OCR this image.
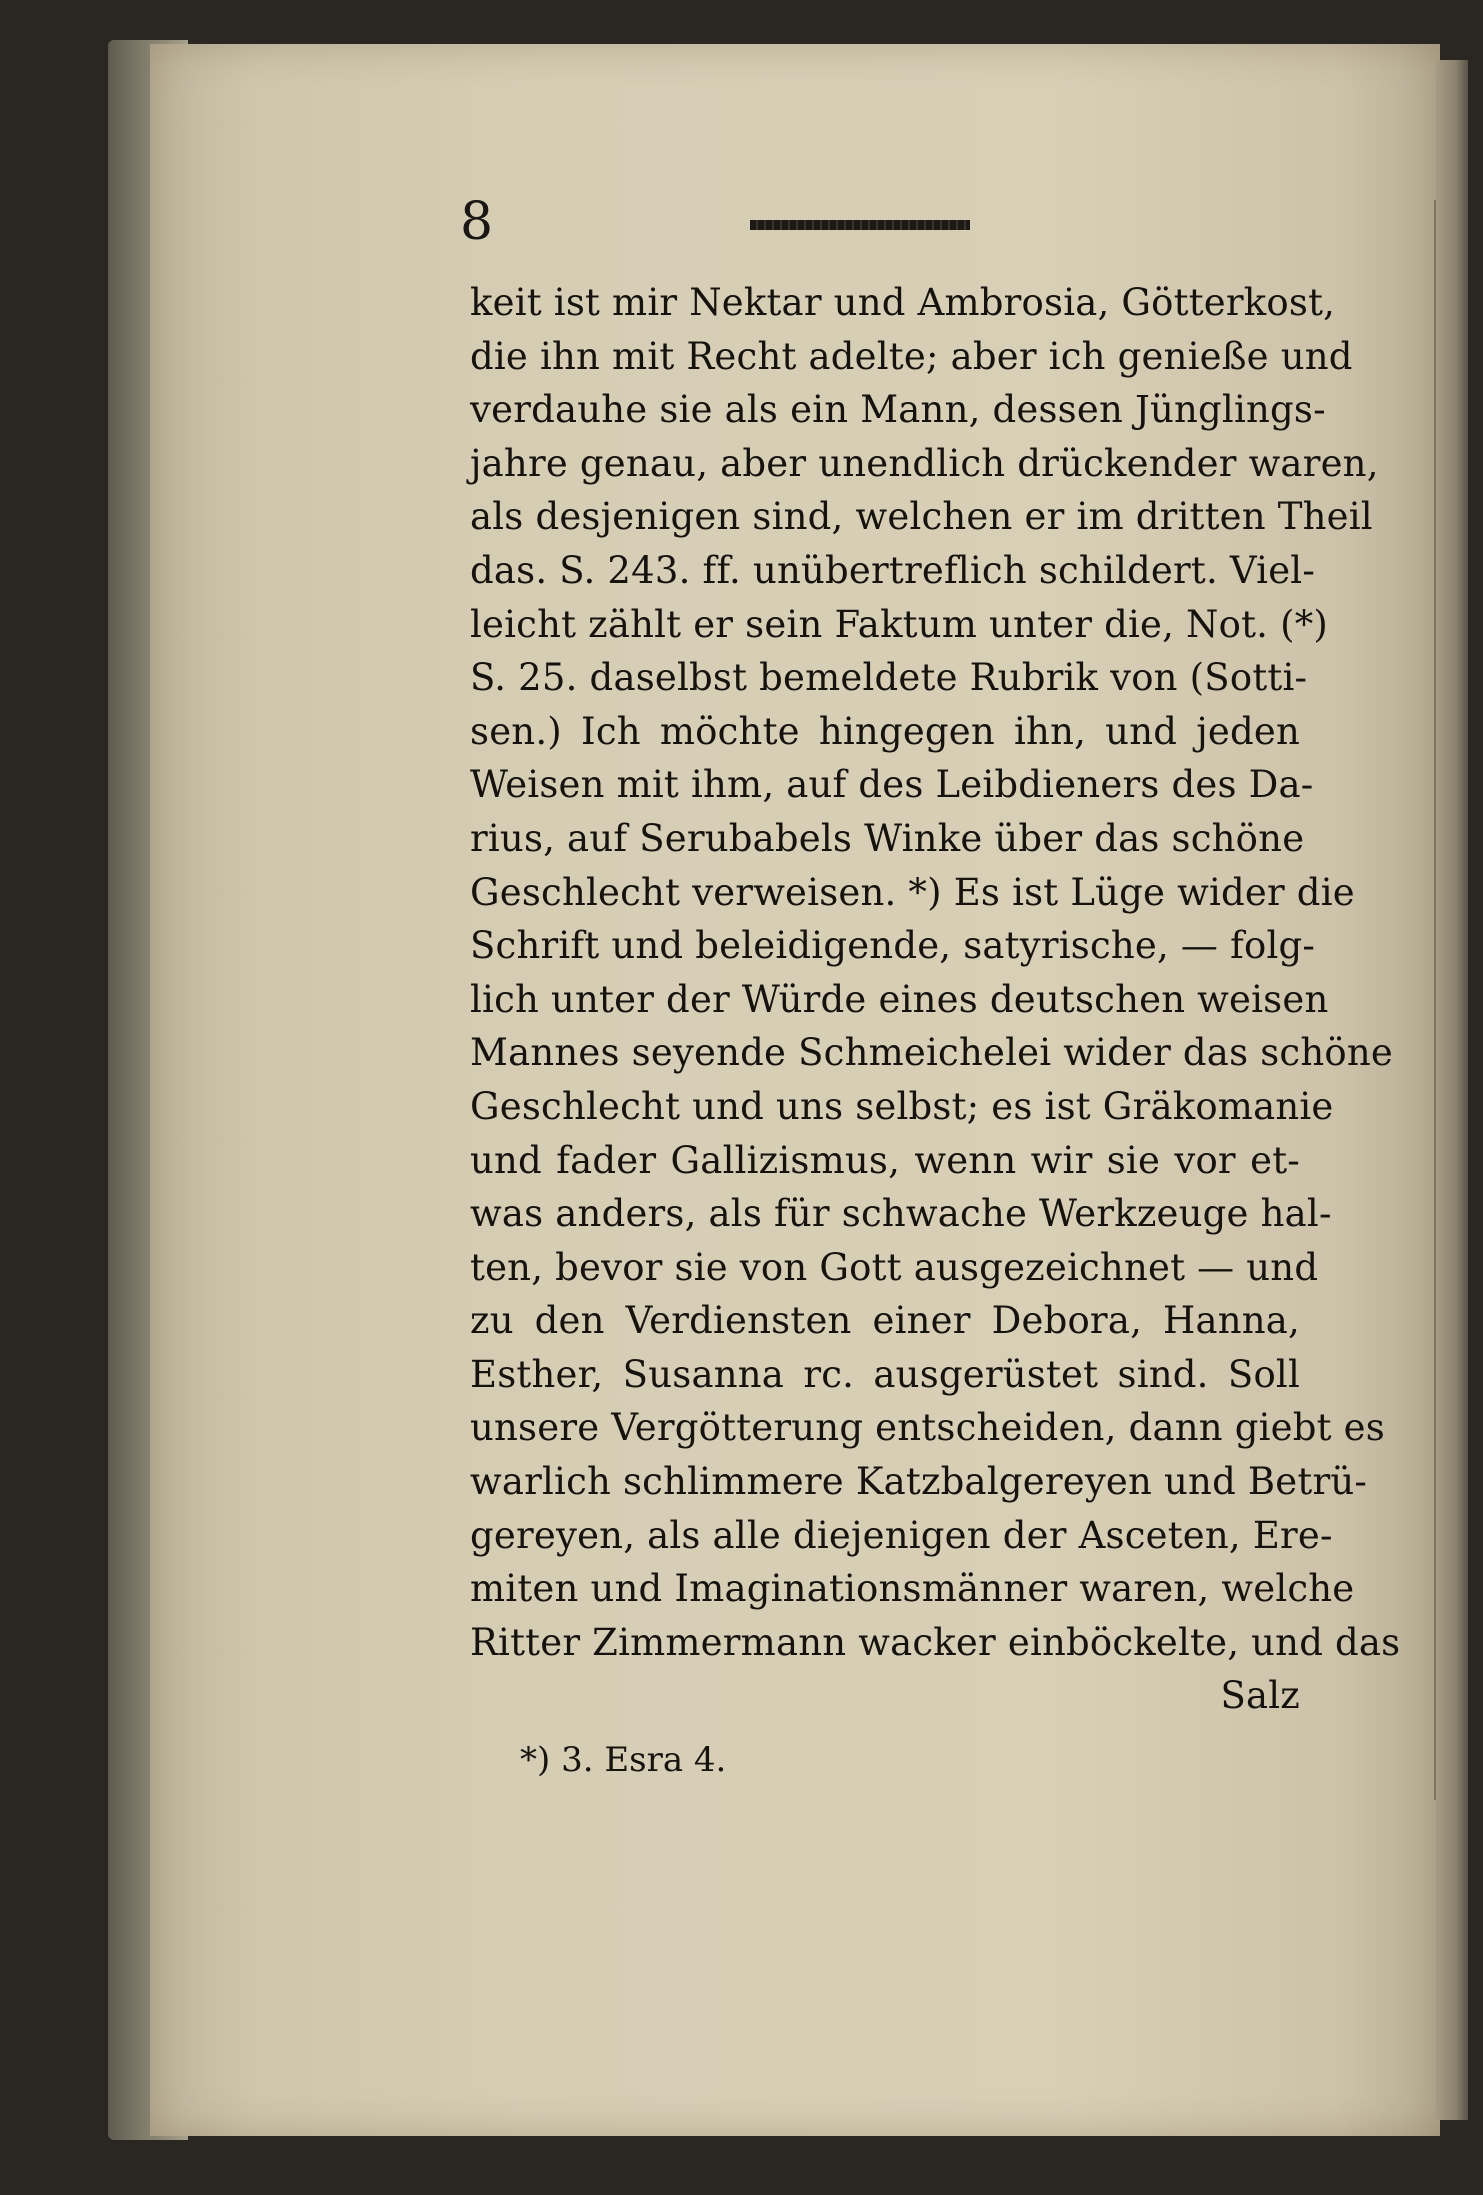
8
keit ist mir Nektar und Ambrosia, Götterkost,
die ihn mit Recht adelte; aber ich genieße und
verdauhe sie als ein Mann, dessen Jünglings-
jahre genau, aber unendlich drückender waren,
als desjenigen sind, welchen er im dritten Theil
das. S. 243. ff. unübertreflich schildert. Viel-
leicht zählt er sein Faktum unter die, Not. (*)
S. 25. daselbst bemeldete Rubrik von (Sotti-
sen.) Ich möchte hingegen ihn, und jeden
Weisen mit ihm, auf des Leibdieners des Da-
rius, auf Serubabels Winke über das schöne
Geschlecht verweisen. *) Es ist Lüge wider die
Schrift und beleidigende, satyrische, — folg-
lich unter der Würde eines deutschen weisen
Mannes seyende Schmeichelei wider das schöne
Geschlecht und uns selbst; es ist Gräkomanie
und fader Gallizismus, wenn wir sie vor et-
was anders, als für schwache Werkzeuge hal-
ten, bevor sie von Gott ausgezeichnet — und
zu den Verdiensten einer Debora, Hanna,
Esther, Susanna rc. ausgerüstet sind. Soll
unsere Vergötterung entscheiden, dann giebt es
warlich schlimmere Katzbalgereyen und Betrü-
gereyen, als alle diejenigen der Asceten, Ere-
miten und Imaginationsmänner waren, welche
Ritter Zimmermann wacker einböckelte, und das
Salz
*) 3. Esra 4.
